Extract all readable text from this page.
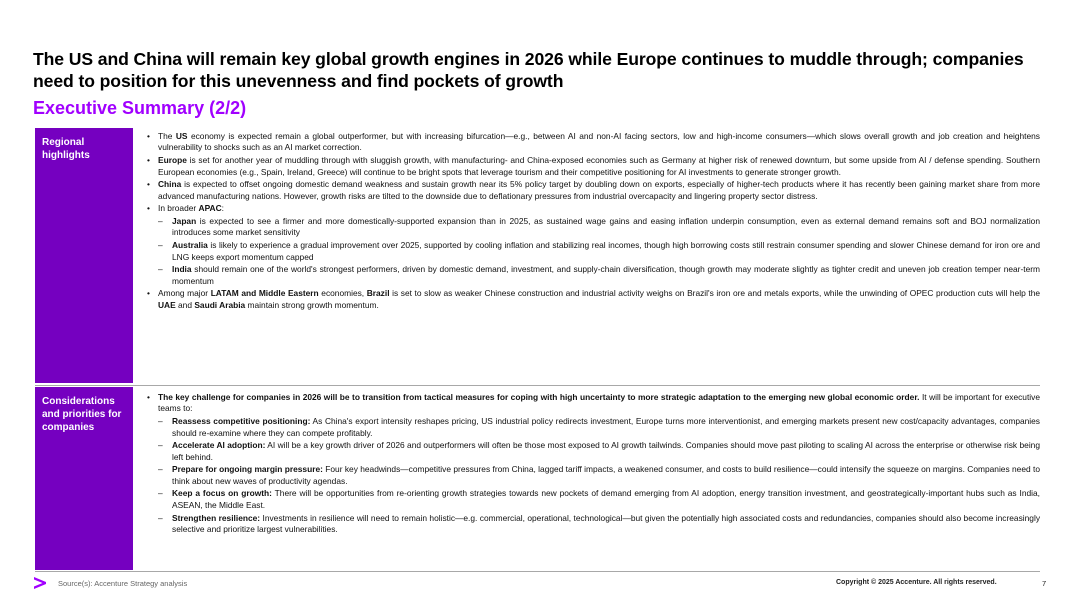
The US and China will remain key global growth engines in 2026 while Europe continues to muddle through; companies need to position for this unevenness and find pockets of growth
Executive Summary (2/2)
Regional highlights
• The US economy is expected remain a global outperformer, but with increasing bifurcation—e.g., between AI and non-AI facing sectors, low and high-income consumers—which slows overall growth and job creation and heightens vulnerability to shocks such as an AI market correction.
• Europe is set for another year of muddling through with sluggish growth, with manufacturing- and China-exposed economies such as Germany at higher risk of renewed downturn, but some upside from AI / defense spending. Southern European economies (e.g., Spain, Ireland, Greece) will continue to be bright spots that leverage tourism and their competitive positioning for AI investments to generate stronger growth.
• China is expected to offset ongoing domestic demand weakness and sustain growth near its 5% policy target by doubling down on exports, especially of higher-tech products where it has recently been gaining market share from more advanced manufacturing nations. However, growth risks are tilted to the downside due to deflationary pressures from industrial overcapacity and lingering property sector distress.
• In broader APAC:
– Japan is expected to see a firmer and more domestically-supported expansion than in 2025, as sustained wage gains and easing inflation underpin consumption, even as external demand remains soft and BOJ normalization introduces some market sensitivity
– Australia is likely to experience a gradual improvement over 2025, supported by cooling inflation and stabilizing real incomes, though high borrowing costs still restrain consumer spending and slower Chinese demand for iron ore and LNG keeps export momentum capped
– India should remain one of the world's strongest performers, driven by domestic demand, investment, and supply-chain diversification, though growth may moderate slightly as tighter credit and uneven job creation temper near-term momentum
• Among major LATAM and Middle Eastern economies, Brazil is set to slow as weaker Chinese construction and industrial activity weighs on Brazil's iron ore and metals exports, while the unwinding of OPEC production cuts will help the UAE and Saudi Arabia maintain strong growth momentum.
Considerations and priorities for companies
• The key challenge for companies in 2026 will be to transition from tactical measures for coping with high uncertainty to more strategic adaptation to the emerging new global economic order. It will be important for executive teams to:
– Reassess competitive positioning: As China's export intensity reshapes pricing, US industrial policy redirects investment, Europe turns more interventionist, and emerging markets present new cost/capacity advantages, companies should re-examine where they can compete profitably.
– Accelerate AI adoption: AI will be a key growth driver of 2026 and outperformers will often be those most exposed to AI growth tailwinds. Companies should move past piloting to scaling AI across the enterprise or otherwise risk being left behind.
– Prepare for ongoing margin pressure: Four key headwinds—competitive pressures from China, lagged tariff impacts, a weakened consumer, and costs to build resilience—could intensify the squeeze on margins. Companies need to think about new waves of productivity agendas.
– Keep a focus on growth: There will be opportunities from re-orienting growth strategies towards new pockets of demand emerging from AI adoption, energy transition investment, and geostrategically-important hubs such as India, ASEAN, the Middle East.
– Strengthen resilience: Investments in resilience will need to remain holistic—e.g. commercial, operational, technological—but given the potentially high associated costs and redundancies, companies should also become increasingly selective and prioritize largest vulnerabilities.
Source(s): Accenture Strategy analysis	Copyright © 2025 Accenture. All rights reserved.	7
